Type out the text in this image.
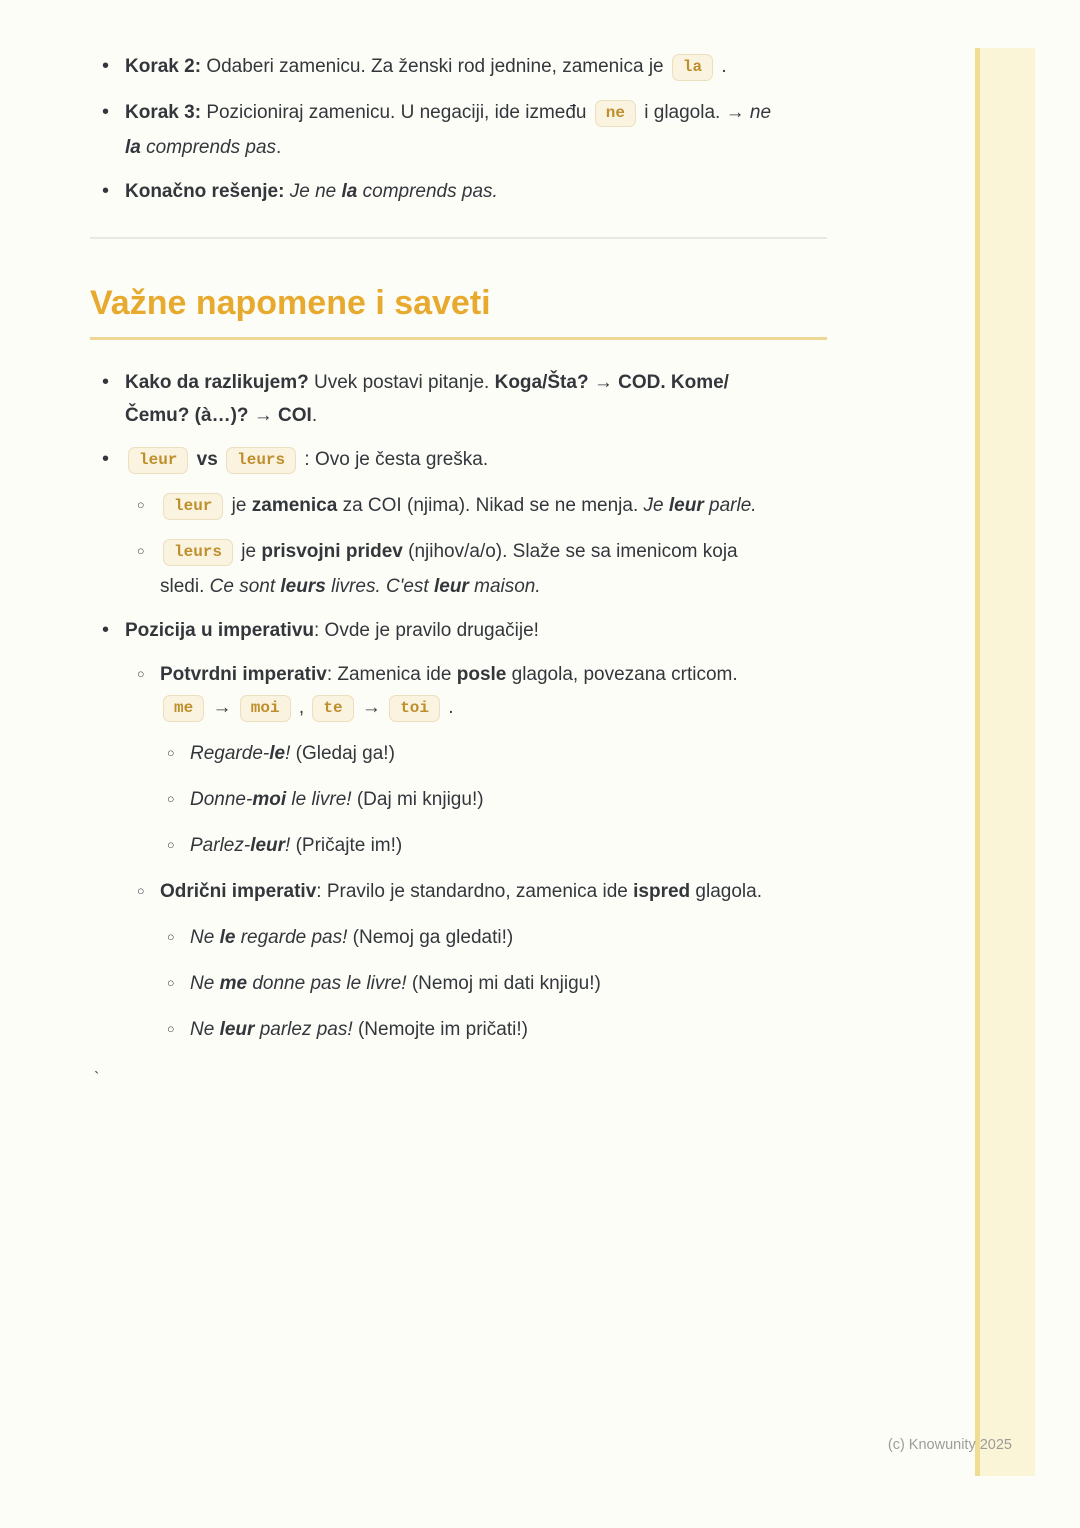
•
Korak 2: Odaberi zamenicu. Za ženski rod jednine, zamenica je la .
•
Korak 3: Pozicioniraj zamenicu. U negaciji, ide između ne i glagola. → ne
la comprends pas.
•
Konačno rešenje: Je ne la comprends pas.
Važne napomene i saveti
•
Kako da razlikujem? Uvek postavi pitanje. Koga/Šta? → COD. Kome/
Čemu? (à…)? → COI.
•
leur vs leurs : Ovo je česta greška.
○
leur je zamenica za COI (njima). Nikad se ne menja. Je leur parle.
○
leurs je prisvojni pridev (njihov/a/o). Slaže se sa imenicom koja
sledi. Ce sont leurs livres. C'est leur maison.
•
Pozicija u imperativu: Ovde je pravilo drugačije!
○
Potvrdni imperativ: Zamenica ide posle glagola, povezana crticom.
me → moi , te → toi .
○
Regarde-le! (Gledaj ga!)
○
Donne-moi le livre! (Daj mi knjigu!)
○
Parlez-leur! (Pričajte im!)
○
Odrični imperativ: Pravilo je standardno, zamenica ide ispred glagola.
○
Ne le regarde pas! (Nemoj ga gledati!)
○
Ne me donne pas le livre! (Nemoj mi dati knjigu!)
○
Ne leur parlez pas! (Nemojte im pričati!)
`
(c) Knowunity 2025
